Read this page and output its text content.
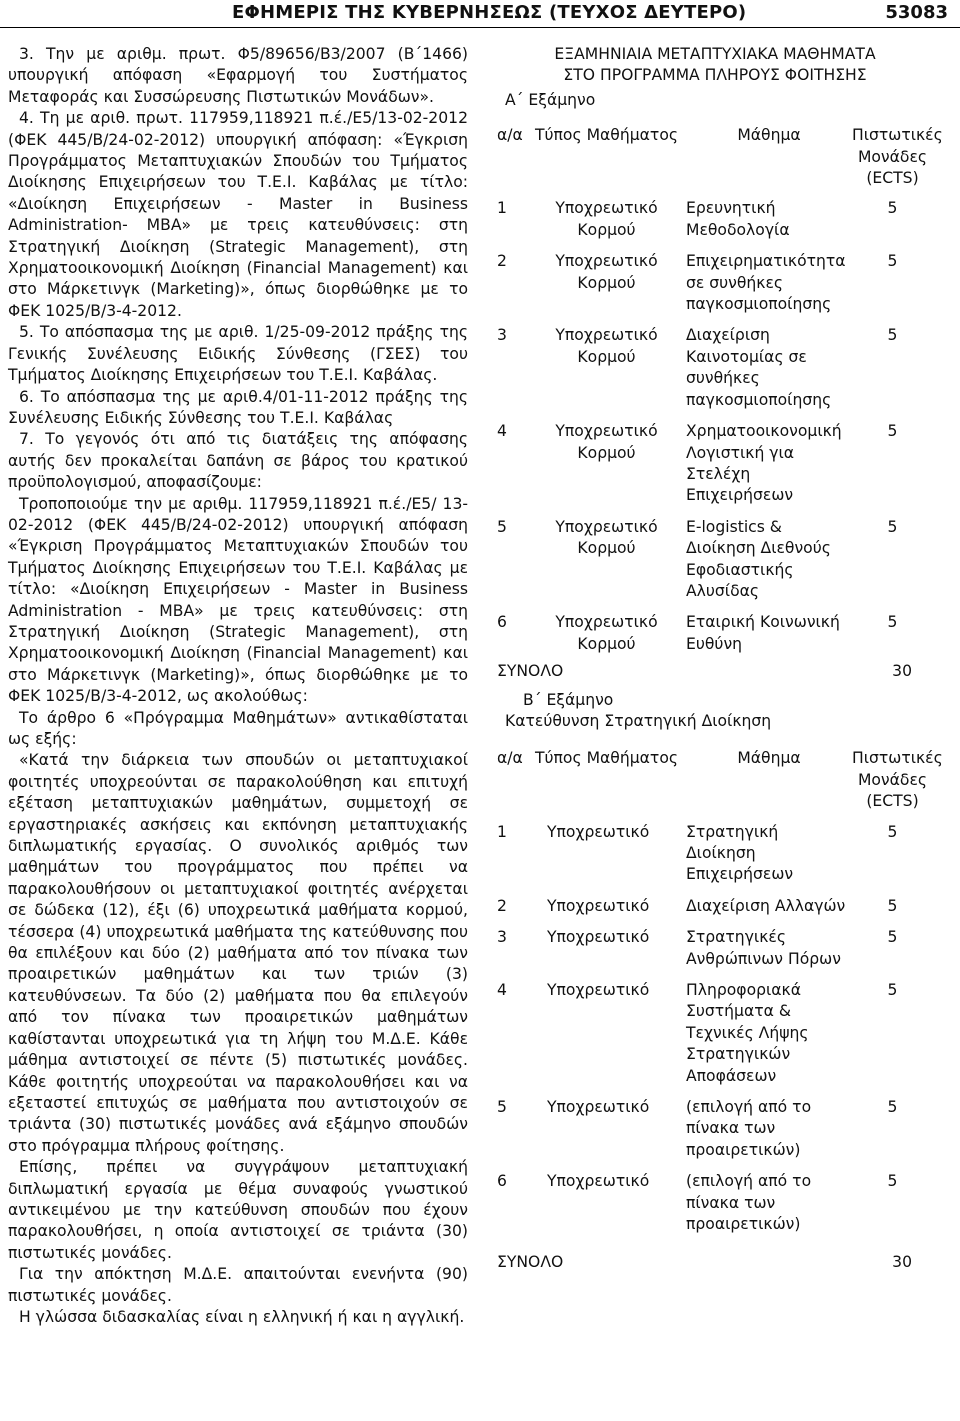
ΕΦΗΜΕΡΙΣ ΤΗΣ ΚΥΒΕΡΝΗΣΕΩΣ (ΤΕΥΧΟΣ ΔΕΥΤΕΡΟ)	53083

3. Την με αριθμ. πρωτ. Φ5/89656/Β3/2007 (Β΄1466) υπουργική απόφαση «Εφαρμογή του Συστήματος Μεταφοράς και Συσσώρευσης Πιστωτικών Μονάδων».

4. Τη με αριθ. πρωτ. 117959,118921 π.έ./Ε5/13-02-2012 (ΦΕΚ 445/Β/24-02-2012) υπουργική απόφαση: «Έγκριση Προγράμματος Μεταπτυχιακών Σπουδών του Τμήματος Διοίκησης Επιχειρήσεων του Τ.Ε.Ι. Καβάλας με τίτλο: «Διοίκηση Επιχειρήσεων - Master in Business Administration- MBA» με τρεις κατευθύνσεις: στη Στρατηγική Διοίκηση (Strategic Management), στη Χρηματοοικονομική Διοίκηση (Financial Management) και στο Μάρκετινγκ (Marketing)», όπως διορθώθηκε με το ΦΕΚ 1025/Β/3-4-2012.

5. Το απόσπασμα της με αριθ. 1/25-09-2012 πράξης της Γενικής Συνέλευσης Ειδικής Σύνθεσης (ΓΣΕΣ) του Τμήματος Διοίκησης Επιχειρήσεων του Τ.Ε.Ι. Καβάλας.

6. Το απόσπασμα της με αριθ.4/01-11-2012 πράξης της Συνέλευσης Ειδικής Σύνθεσης του Τ.Ε.Ι. Καβάλας

7. Το γεγονός ότι από τις διατάξεις της απόφασης αυτής δεν προκαλείται δαπάνη σε βάρος του κρατικού προϋπολογισμού, αποφασίζουμε:

Τροποποιούμε την με αριθμ. 117959,118921 π.έ./Ε5/ 13-02-2012 (ΦΕΚ 445/Β/24-02-2012) υπουργική απόφαση «Έγκριση Προγράμματος Μεταπτυχιακών Σπουδών του Τμήματος Διοίκησης Επιχειρήσεων του Τ.Ε.Ι. Καβάλας με τίτλο: «Διοίκηση Επιχειρήσεων - Master in Business Administration - MBA» με τρεις κατευθύνσεις: στη Στρατηγική Διοίκηση (Strategic Management), στη Χρηματοοικονομική Διοίκηση (Financial Management) και στο Μάρκετινγκ (Marketing)», όπως διορθώθηκε με το ΦΕΚ 1025/Β/3-4-2012, ως ακολούθως:

Το άρθρο 6 «Πρόγραμμα Μαθημάτων» αντικαθίσταται ως εξής:

«Κατά την διάρκεια των σπουδών οι μεταπτυχιακοί φοιτητές υποχρεούνται σε παρακολούθηση και επιτυχή εξέταση μεταπτυχιακών μαθημάτων, συμμετοχή σε εργαστηριακές ασκήσεις και εκπόνηση μεταπτυχιακής διπλωματικής εργασίας. Ο συνολικός αριθμός των μαθημάτων του προγράμματος που πρέπει να παρακολουθήσουν οι μεταπτυχιακοί φοιτητές ανέρχεται σε δώδεκα (12), έξι (6) υποχρεωτικά μαθήματα κορμού, τέσσερα (4) υποχρεωτικά μαθήματα της κατεύθυνσης που θα επιλέξουν και δύο (2) μαθήματα από τον πίνακα των προαιρετικών μαθημάτων και των τριών (3) κατευθύνσεων. Τα δύο (2) μαθήματα που θα επιλεγούν από τον πίνακα των προαιρετικών μαθημάτων καθίστανται υποχρεωτικά για τη λήψη του Μ.Δ.Ε. Κάθε μάθημα αντιστοιχεί σε πέντε (5) πιστωτικές μονάδες. Κάθε φοιτητής υποχρεούται να παρακολουθήσει και να εξεταστεί επιτυχώς σε μαθήματα που αντιστοιχούν σε τριάντα (30) πιστωτικές μονάδες ανά εξάμηνο σπουδών στο πρόγραμμα πλήρους φοίτησης.

Επίσης, πρέπει να συγγράψουν μεταπτυχιακή διπλωματική εργασία με θέμα συναφούς γνωστικού αντικειμένου με την κατεύθυνση σπουδών που έχουν παρακολουθήσει, η οποία αντιστοιχεί σε τριάντα (30) πιστωτικές μονάδες.

Για την απόκτηση Μ.Δ.Ε. απαιτούνται ενενήντα (90) πιστωτικές μονάδες.

Η γλώσσα διδασκαλίας είναι η ελληνική ή και η αγγλική.

ΕΞΑΜΗΝΙΑΙΑ ΜΕΤΑΠΤΥΧΙΑΚΑ ΜΑΘΗΜΑΤΑ

ΣΤΟ ΠΡΟΓΡΑΜΜΑ ΠΛΗΡΟΥΣ ΦΟΙΤΗΣΗΣ

Α΄ Εξάμηνο

α/α	Τύπος Μαθήματος	Μάθημα	Πιστωτικές Μονάδες (ECTS)
1	Υποχρεωτικό Κορμού	Ερευνητική Μεθοδολογία	5
2	Υποχρεωτικό Κορμού	Επιχειρηματικότητα σε συνθήκες παγκοσμιοποίησης	5
3	Υποχρεωτικό Κορμού	Διαχείριση Καινοτομίας σε συνθήκες παγκοσμιοποίησης	5
4	Υποχρεωτικό Κορμού	Χρηματοοικονομική Λογιστική για Στελέχη Επιχειρήσεων	5
5	Υποχρεωτικό Κορμού	E-logistics & Διοίκηση Διεθνούς Εφοδιαστικής Αλυσίδας	5
6	Υποχρεωτικό Κορμού	Εταιρική Κοινωνική Ευθύνη	5

ΣΥΝΟΛΟ	30

Β΄ Εξάμηνο

Κατεύθυνση Στρατηγική Διοίκηση

α/α	Τύπος Μαθήματος	Μάθημα	Πιστωτικές Μονάδες (ECTS)
1	Υποχρεωτικό	Στρατηγική Διοίκηση Επιχειρήσεων	5
2	Υποχρεωτικό	Διαχείριση Αλλαγών	5
3	Υποχρεωτικό	Στρατηγικές Ανθρώπινων Πόρων	5
4	Υποχρεωτικό	Πληροφοριακά Συστήματα & Τεχνικές Λήψης Στρατηγικών Αποφάσεων	5
5	Υποχρεωτικό	(επιλογή από το πίνακα των προαιρετικών)	5
6	Υποχρεωτικό	(επιλογή από το πίνακα των προαιρετικών)	5

ΣΥΝΟΛΟ	30
